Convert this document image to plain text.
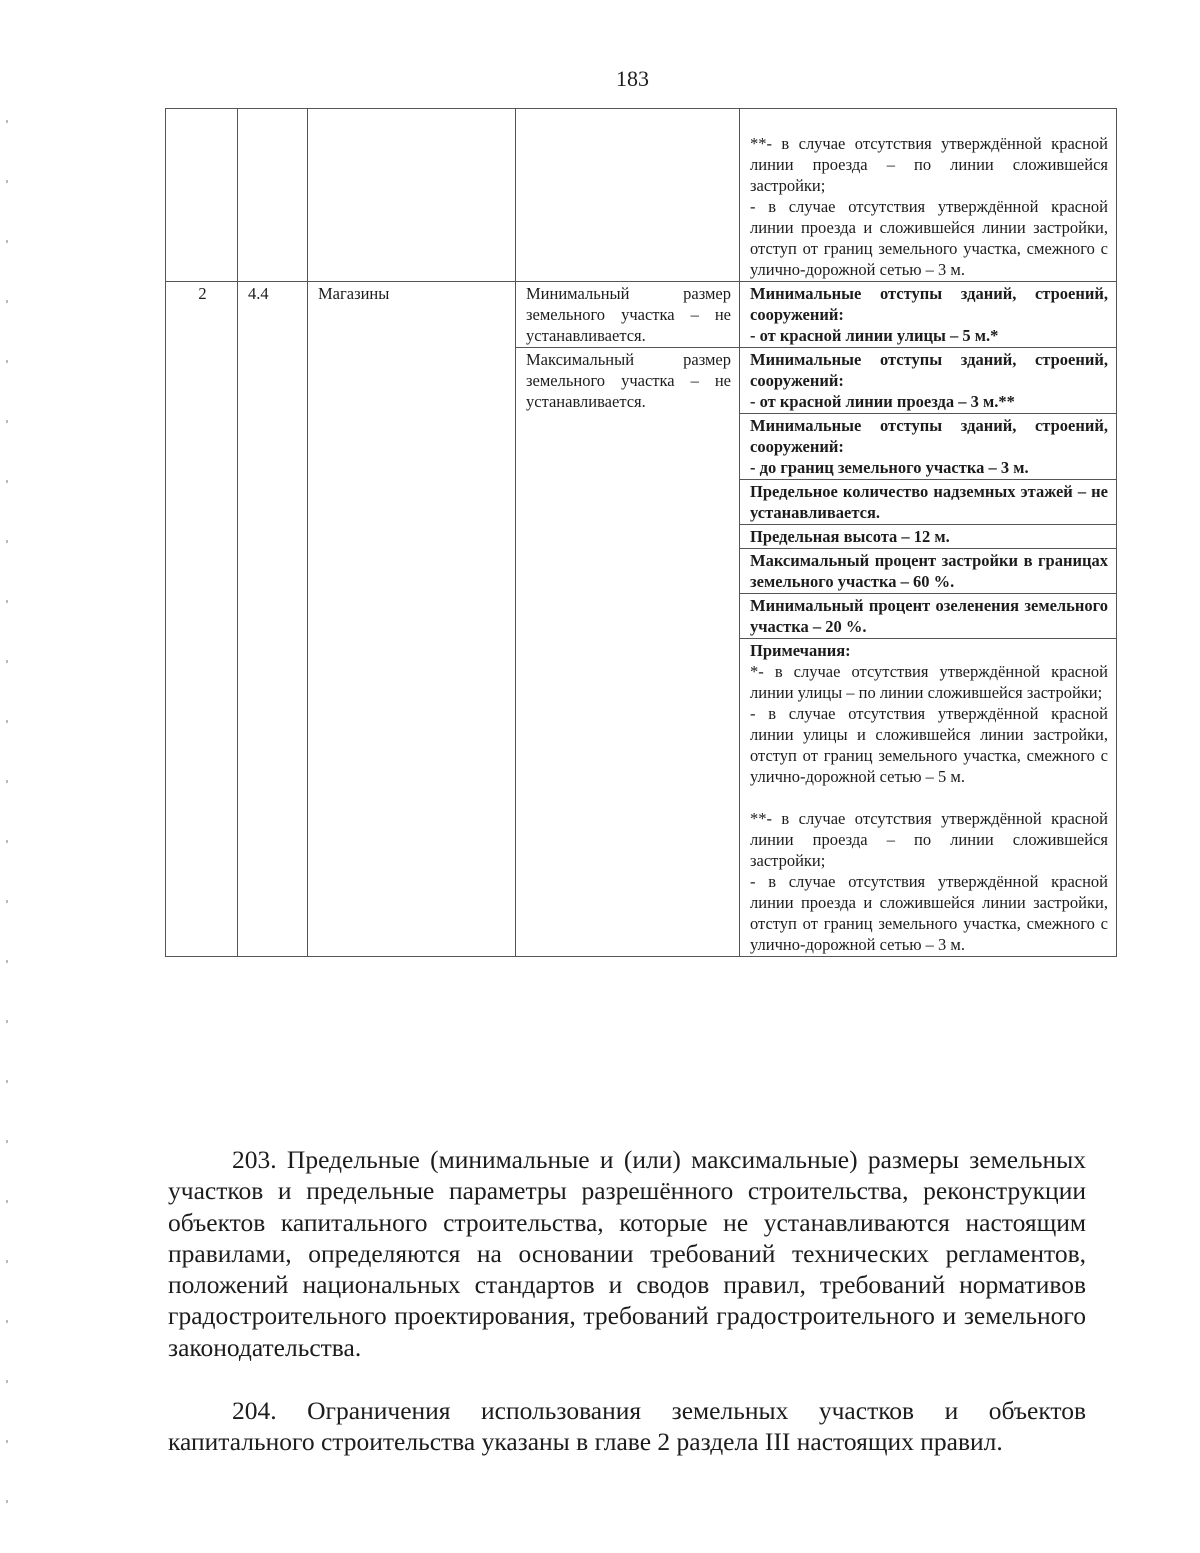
183

				**- в случае отсутствия утверждённой красной линии проезда – по линии сложившейся застройки;
- в случае отсутствия утверждённой красной линии проезда и сложившейся линии застройки, отступ от границ земельного участка, смежного с улично-дорожной сетью – 3 м.

2	4.4	Магазины	Минимальный размер земельного участка – не устанавливается.	Минимальные отступы зданий, строений, сооружений:
- от красной линии улицы – 5 м.*

			Максимальный размер земельного участка – не устанавливается.	Минимальные отступы зданий, строений, сооружений:
- от красной линии проезда – 3 м.**

				Минимальные отступы зданий, строений, сооружений:
- до границ земельного участка – 3 м.

				Предельное количество надземных этажей – не устанавливается.
				Предельная высота – 12 м.
				Максимальный процент застройки в границах земельного участка – 60 %.
				Минимальный процент озеленения земельного участка – 20 %.

				Примечания:
*- в случае отсутствия утверждённой красной линии улицы – по линии сложившейся застройки;
- в случае отсутствия утверждённой красной линии улицы и сложившейся линии застройки, отступ от границ земельного участка, смежного с улично-дорожной сетью – 5 м.
**- в случае отсутствия утверждённой красной линии проезда – по линии сложившейся застройки;
- в случае отсутствия утверждённой красной линии проезда и сложившейся линии застройки, отступ от границ земельного участка, смежного с улично-дорожной сетью – 3 м.
203. Предельные (минимальные и (или) максимальные) размеры земельных участков и предельные параметры разрешённого строительства, реконструкции объектов капитального строительства, которые не устанавливаются настоящим правилами, определяются на основании требований технических регламентов, положений национальных стандартов и сводов правил, требований нормативов градостроительного проектирования, требований градостроительного и земельного законодательства.
204. Ограничения использования земельных участков и объектов капитального строительства указаны в главе 2 раздела III настоящих правил.
